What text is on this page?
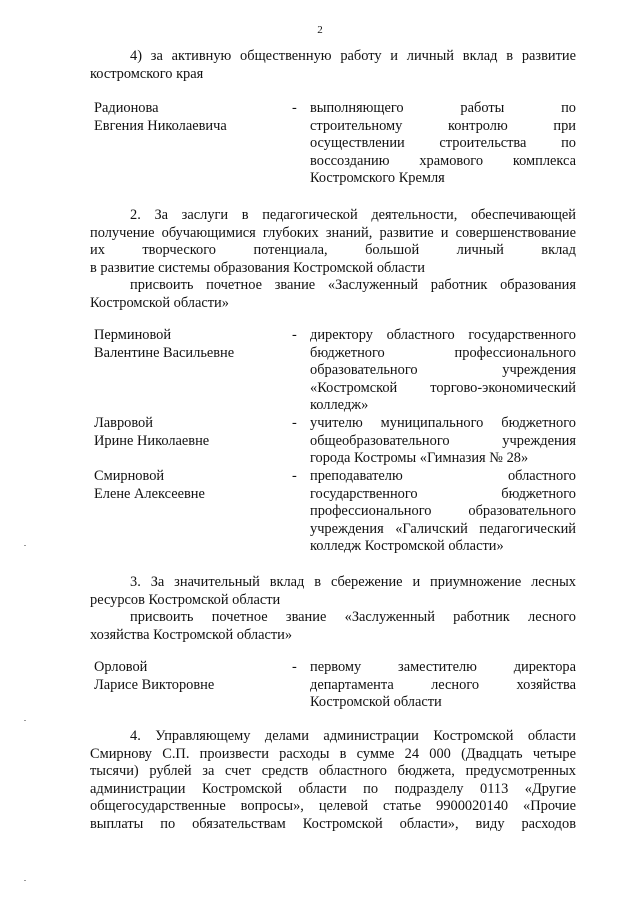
2
4) за активную общественную работу и личный вклад в развитие
костромского края
Радионова
Евгения Николаевича
- выполняющего работы по
строительному контролю при
осуществлении строительства по
воссозданию храмового комплекса
Костромского Кремля
2. За заслуги в педагогической деятельности, обеспечивающей
получение обучающимися глубоких знаний, развитие и совершенствование
их творческого потенциала, большой личный вклад
в развитие системы образования Костромской области
присвоить почетное звание «Заслуженный работник образования
Костромской области»
Перминовой
Валентине Васильевне
- директору областного государственного
бюджетного профессионального
образовательного учреждения
«Костромской торгово-экономический
колледж»
Лавровой
Ирине Николаевне
- учителю муниципального бюджетного
общеобразовательного учреждения
города Костромы «Гимназия № 28»
Смирновой
Елене Алексеевне
- преподавателю областного
государственного бюджетного
профессионального образовательного
учреждения «Галичский педагогический
колледж Костромской области»
3. За значительный вклад в сбережение и приумножение лесных
ресурсов Костромской области
присвоить почетное звание «Заслуженный работник лесного
хозяйства Костромской области»
Орловой
Ларисе Викторовне
- первому заместителю директора
департамента лесного хозяйства
Костромской области
4. Управляющему делами администрации Костромской области
Смирнову С.П. произвести расходы в сумме 24 000 (Двадцать четыре
тысячи) рублей за счет средств областного бюджета, предусмотренных
администрации Костромской области по подразделу 0113 «Другие
общегосударственные вопросы», целевой статье 9900020140 «Прочие
выплаты по обязательствам Костромской области», виду расходов
